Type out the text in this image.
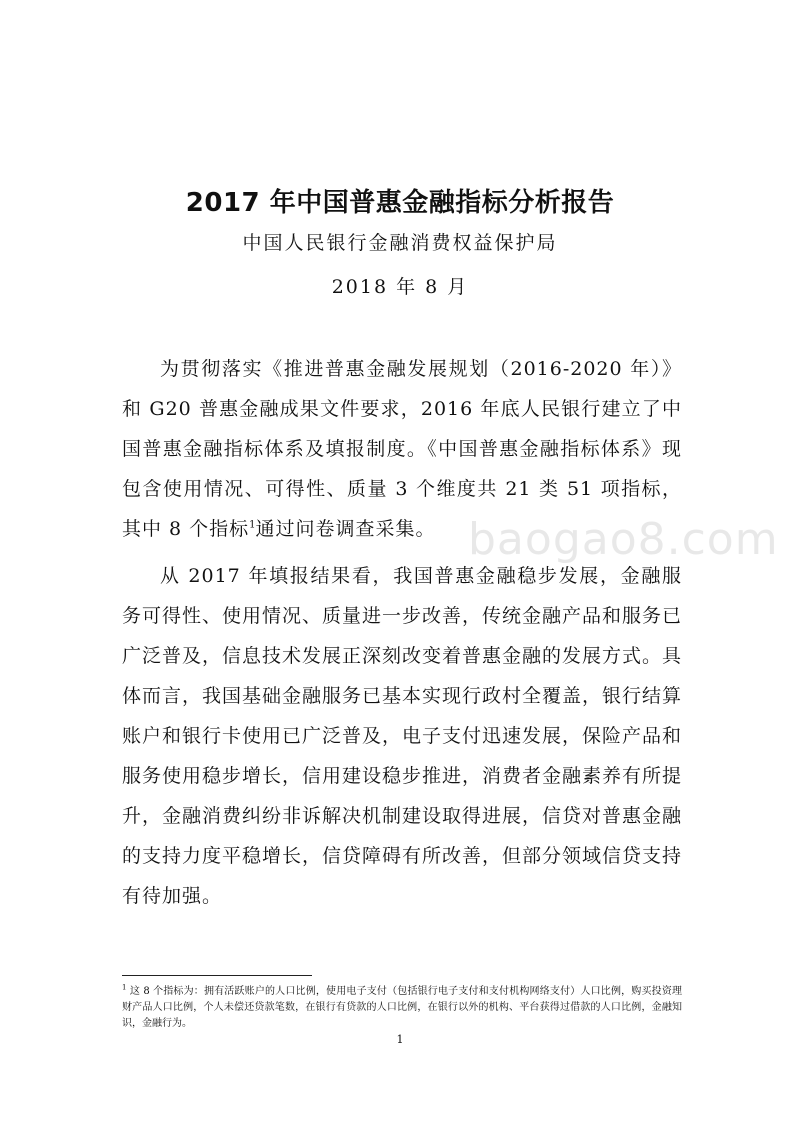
2017 年中国普惠金融指标分析报告
中国人民银行金融消费权益保护局
2018 年 8 月

为贯彻落实《推进普惠金融发展规划（2016-2020 年）》和 G20 普惠金融成果文件要求，2016 年底人民银行建立了中国普惠金融指标体系及填报制度。《中国普惠金融指标体系》现包含使用情况、可得性、质量 3 个维度共 21 类 51 项指标，其中 8 个指标$^1$通过问卷调查采集。

从 2017 年填报结果看，我国普惠金融稳步发展，金融服务可得性、使用情况、质量进一步改善，传统金融产品和服务已广泛普及，信息技术发展正深刻改变着普惠金融的发展方式。具体而言，我国基础金融服务已基本实现行政村全覆盖，银行结算账户和银行卡使用已广泛普及，电子支付迅速发展，保险产品和服务使用稳步增长，信用建设稳步推进，消费者金融素养有所提升，金融消费纠纷非诉解决机制建设取得进展，信贷对普惠金融的支持力度平稳增长，信贷障碍有所改善，但部分领域信贷支持有待加强。

baogao8.com

$^1$ 这 8 个指标为：拥有活跃账户的人口比例，使用电子支付（包括银行电子支付和支付机构网络支付）人口比例，购买投资理财产品人口比例，个人未偿还贷款笔数，在银行有贷款的人口比例，在银行以外的机构、平台获得过借款的人口比例，金融知识，金融行为。

1
